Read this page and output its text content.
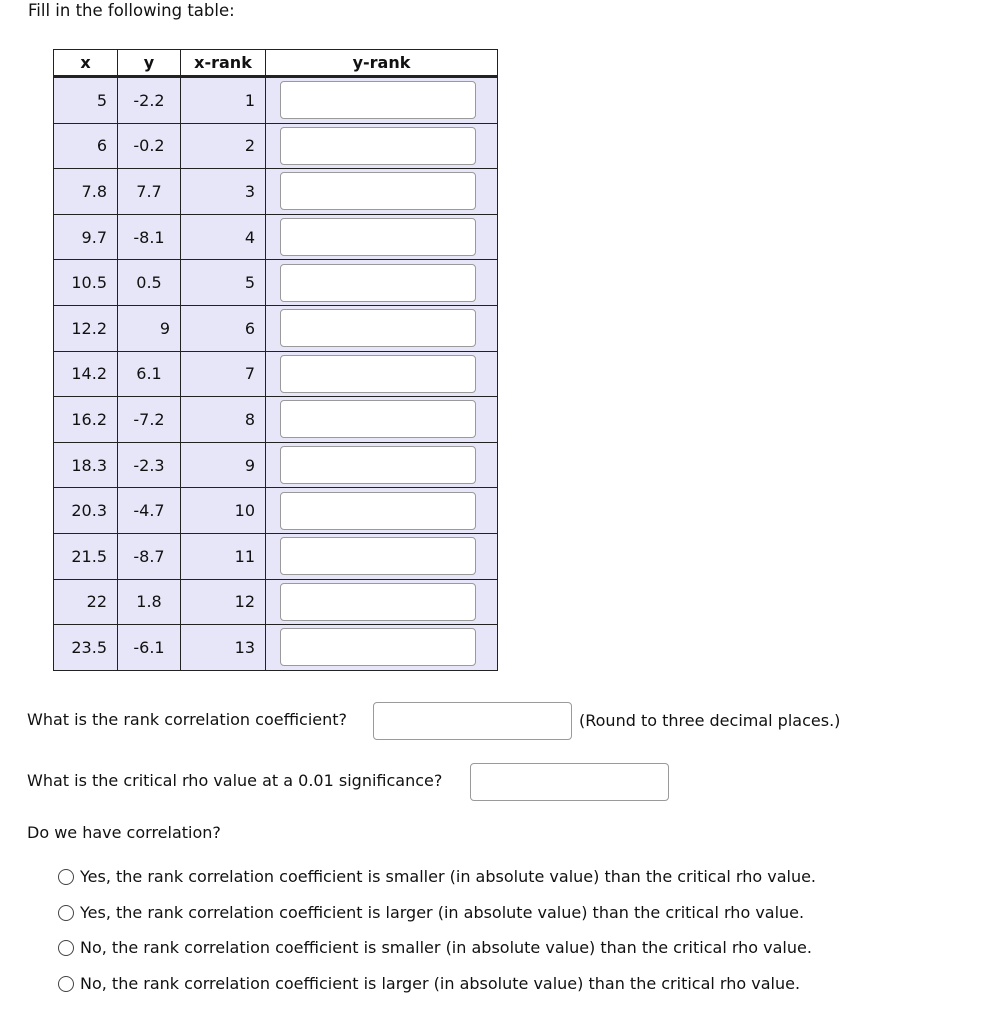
Fill in the following table:
x	y	x-rank	y-rank
5	-2.2	1	

6	-0.2	2	

7.8	7.7	3	

9.7	-8.1	4	

10.5	0.5	5	

12.2	9	6	

14.2	6.1	7	

16.2	-7.2	8	

18.3	-2.3	9	

20.3	-4.7	10	

21.5	-8.7	11	

22	1.8	12	

23.5	-6.1	13	
What is the rank correlation coefficient?	(Round to three decimal places.)
What is the critical rho value at a 0.01 significance?
Do we have correlation?
Yes, the rank correlation coefficient is smaller (in absolute value) than the critical rho value.
Yes, the rank correlation coefficient is larger (in absolute value) than the critical rho value.
No, the rank correlation coefficient is smaller (in absolute value) than the critical rho value.
No, the rank correlation coefficient is larger (in absolute value) than the critical rho value.
